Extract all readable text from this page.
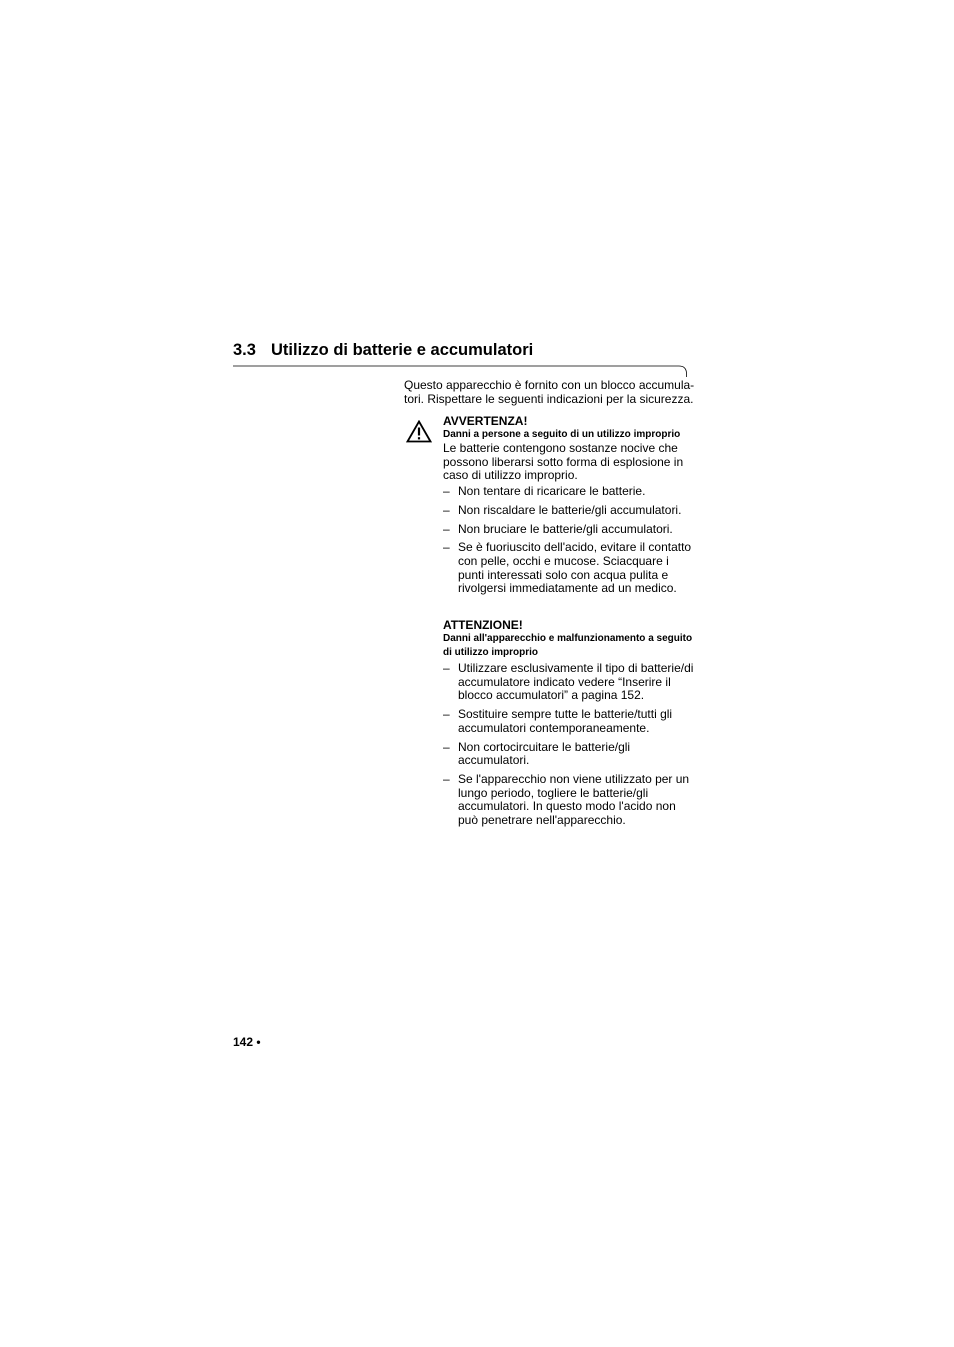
3.3 Utilizzo di batterie e accumulatori
Questo apparecchio è fornito con un blocco accumula-
tori. Rispettare le seguenti indicazioni per la sicurezza.
AVVERTENZA!
Danni a persone a seguito di un utilizzo improprio
Le batterie contengono sostanze nocive che possono liberarsi sotto forma di esplosione in caso di utilizzo improprio.
– Non tentare di ricaricare le batterie.
– Non riscaldare le batterie/gli accumulatori.
– Non bruciare le batterie/gli accumulatori.
– Se è fuoriuscito dell'acido, evitare il contatto con pelle, occhi e mucose. Sciacquare i punti interessati solo con acqua pulita e rivolgersi immediatamente ad un medico.
ATTENZIONE!
Danni all'apparecchio e malfunzionamento a seguito di utilizzo improprio
– Utilizzare esclusivamente il tipo di batterie/di accumulatore indicato vedere “Inserire il blocco accumulatori” a pagina 152.
– Sostituire sempre tutte le batterie/tutti gli accumulatori contemporaneamente.
– Non cortocircuitare le batterie/gli accumulatori.
– Se l'apparecchio non viene utilizzato per un lungo periodo, togliere le batterie/gli accumulatori. In questo modo l'acido non può penetrare nell'apparecchio.
142 •
